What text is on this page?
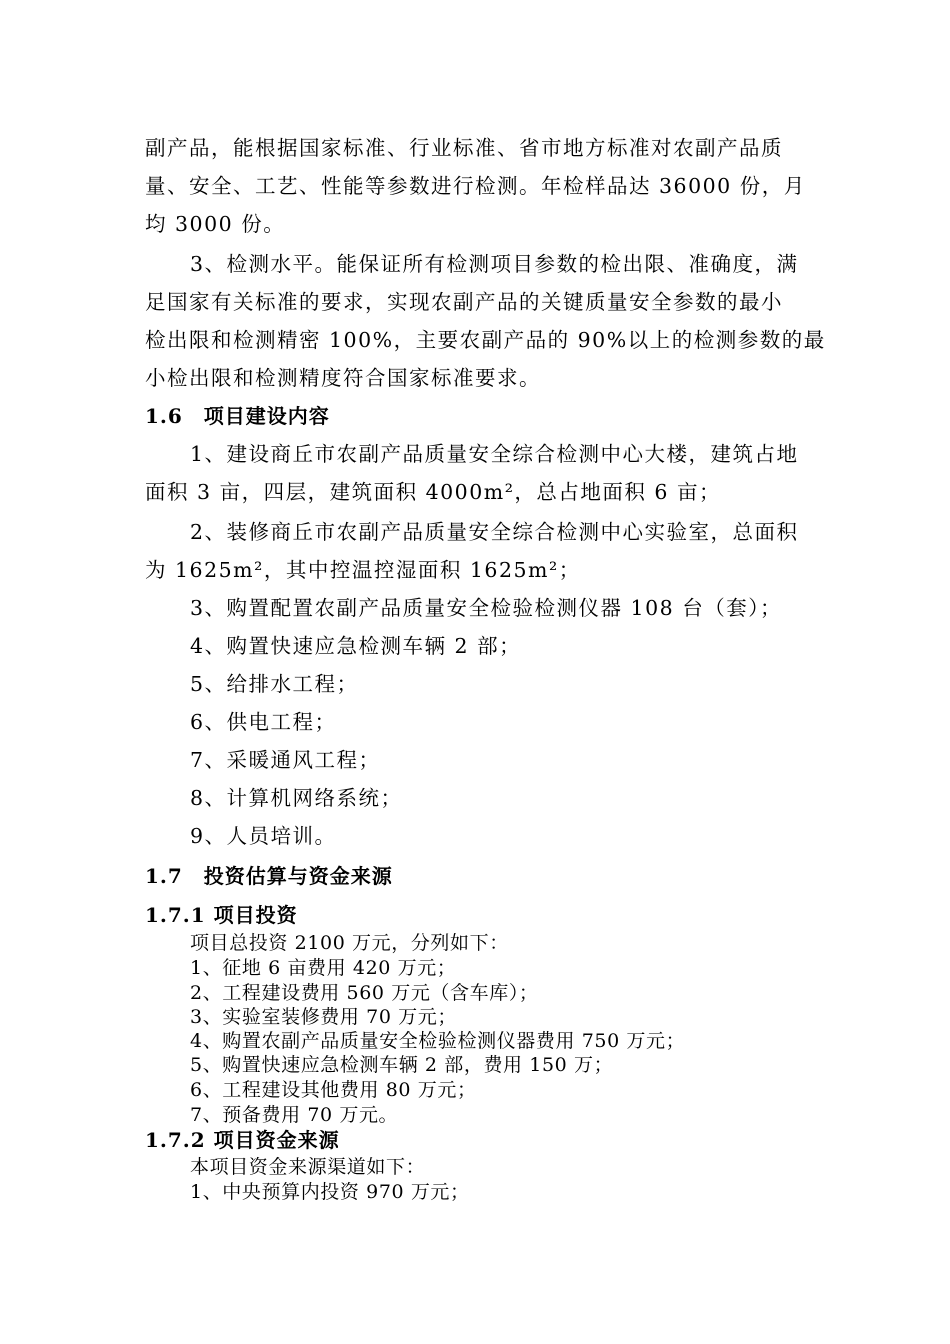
副产品，能根据国家标准、行业标准、省市地方标准对农副产品质
量、安全、工艺、性能等参数进行检测。年检样品达 36000 份，月
均 3000 份。
3、检测水平。能保证所有检测项目参数的检出限、准确度，满
足国家有关标准的要求，实现农副产品的关键质量安全参数的最小
检出限和检测精密 100%，主要农副产品的 90%以上的检测参数的最
小检出限和检测精度符合国家标准要求。
1.6　项目建设内容
1、建设商丘市农副产品质量安全综合检测中心大楼，建筑占地
面积 3 亩，四层，建筑面积 4000m²，总占地面积 6 亩；
2、装修商丘市农副产品质量安全综合检测中心实验室，总面积
为 1625m²，其中控温控湿面积 1625m²；
3、购置配置农副产品质量安全检验检测仪器 108 台（套）；
4、购置快速应急检测车辆 2 部；
5、给排水工程；
6、供电工程；
7、采暖通风工程；
8、计算机网络系统；
9、人员培训。
1.7　投资估算与资金来源
1.7.1 项目投资
项目总投资 2100 万元，分列如下：
1、征地 6 亩费用 420 万元；
2、工程建设费用 560 万元（含车库）；
3、实验室装修费用 70 万元；
4、购置农副产品质量安全检验检测仪器费用 750 万元；
5、购置快速应急检测车辆 2 部，费用 150 万；
6、工程建设其他费用 80 万元；
7、预备费用 70 万元。
1.7.2 项目资金来源
本项目资金来源渠道如下：
1、中央预算内投资 970 万元；
